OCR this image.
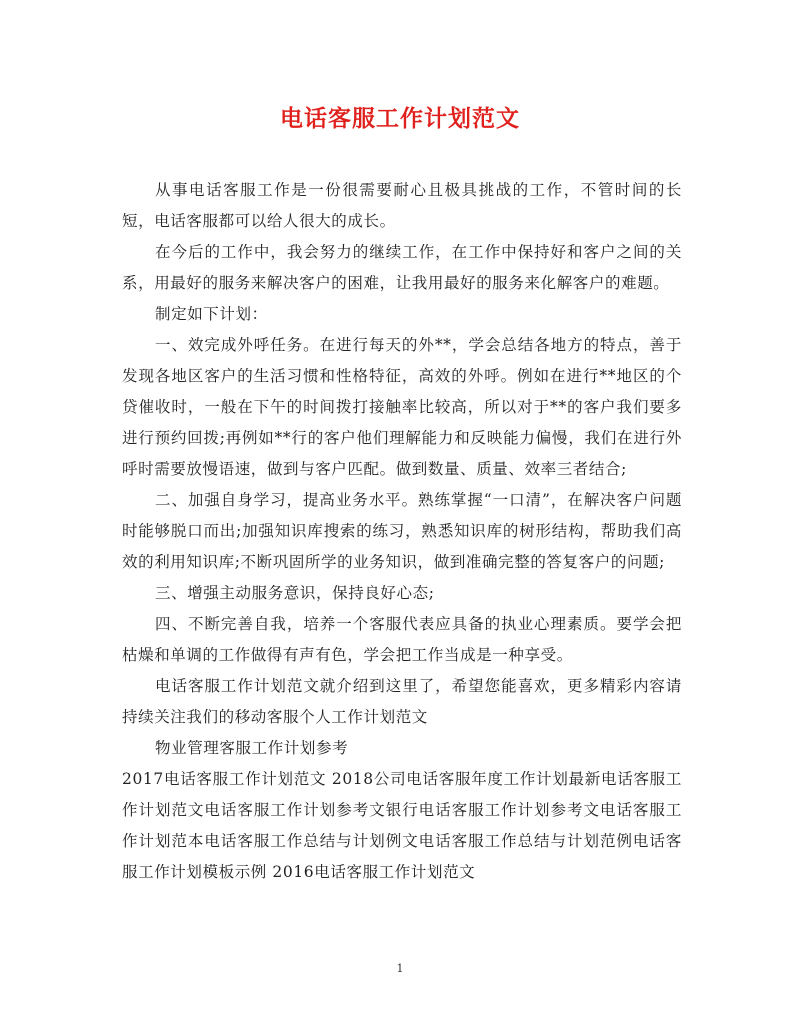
电话客服工作计划范文

从事电话客服工作是一份很需要耐心且极具挑战的工作，不管时间的长短，电话客服都可以给人很大的成长。

在今后的工作中，我会努力的继续工作，在工作中保持好和客户之间的关系，用最好的服务来解决客户的困难，让我用最好的服务来化解客户的难题。

制定如下计划：

一、效完成外呼任务。在进行每天的外**，学会总结各地方的特点，善于发现各地区客户的生活习惯和性格特征，高效的外呼。例如在进行**地区的个贷催收时，一般在下午的时间拨打接触率比较高，所以对于**的客户我们要多进行预约回拨;再例如**行的客户他们理解能力和反映能力偏慢，我们在进行外呼时需要放慢语速，做到与客户匹配。做到数量、质量、效率三者结合;

二、加强自身学习，提高业务水平。熟练掌握“一口清”，在解决客户问题时能够脱口而出;加强知识库搜索的练习，熟悉知识库的树形结构，帮助我们高效的利用知识库;不断巩固所学的业务知识，做到准确完整的答复客户的问题;

三、增强主动服务意识，保持良好心态;

四、不断完善自我，培养一个客服代表应具备的执业心理素质。要学会把枯燥和单调的工作做得有声有色，学会把工作当成是一种享受。

电话客服工作计划范文就介绍到这里了，希望您能喜欢，更多精彩内容请持续关注我们的移动客服个人工作计划范文

物业管理客服工作计划参考

2017电话客服工作计划范文 2018公司电话客服年度工作计划最新电话客服工作计划范文电话客服工作计划参考文银行电话客服工作计划参考文电话客服工作计划范本电话客服工作总结与计划例文电话客服工作总结与计划范例电话客服工作计划模板示例 2016电话客服工作计划范文

1
